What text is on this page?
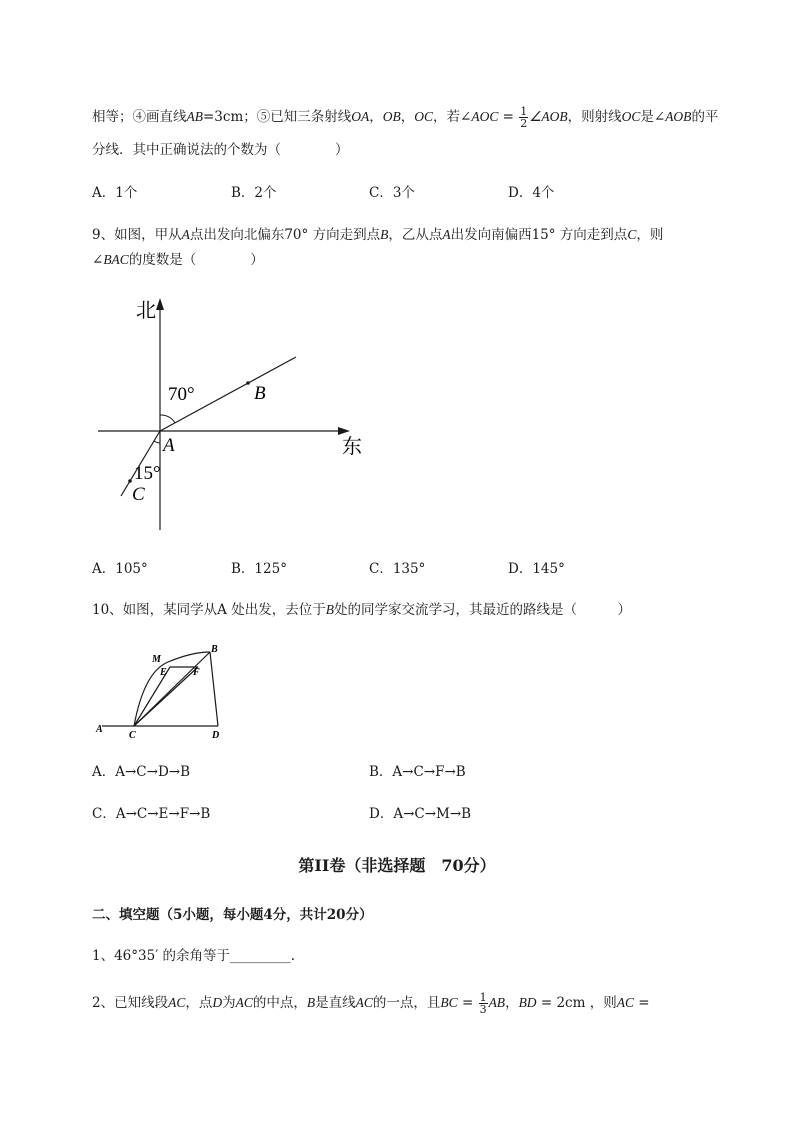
相等；④画直线AB=3cm；⑤已知三条射线OA，OB，OC，若∠AOC = $\frac{1}{2}$ ∠AOB，则射线OC是∠AOB的平
分线．其中正确说法的个数为（　　　　）
A．1个	B．2个	C．3个	D．4个
9、如图，甲从A点出发向北偏东70° 方向走到点B，乙从点A出发向南偏西15° 方向走到点C，则
∠BAC的度数是（　　　　）
北
东
70°
15°
A
B
C
A．105°	B．125°	C．135°	D．145°
10、如图，某同学从A 处出发，去位于B处的同学家交流学习，其最近的路线是（　　　）
A
C	D
B
M
E	F
A．A→C→D→B	B．A→C→F→B
C．A→C→E→F→B	D．A→C→M→B
第II卷（非选择题　70分）
二、填空题（5小题，每小题4分，共计20分）
1、46°35′ 的余角等于_________.
2、已知线段AC，点D为AC的中点，B是直线AC的一点，且BC = $\frac{1}{3}$ AB，BD = 2cm ，则AC =
